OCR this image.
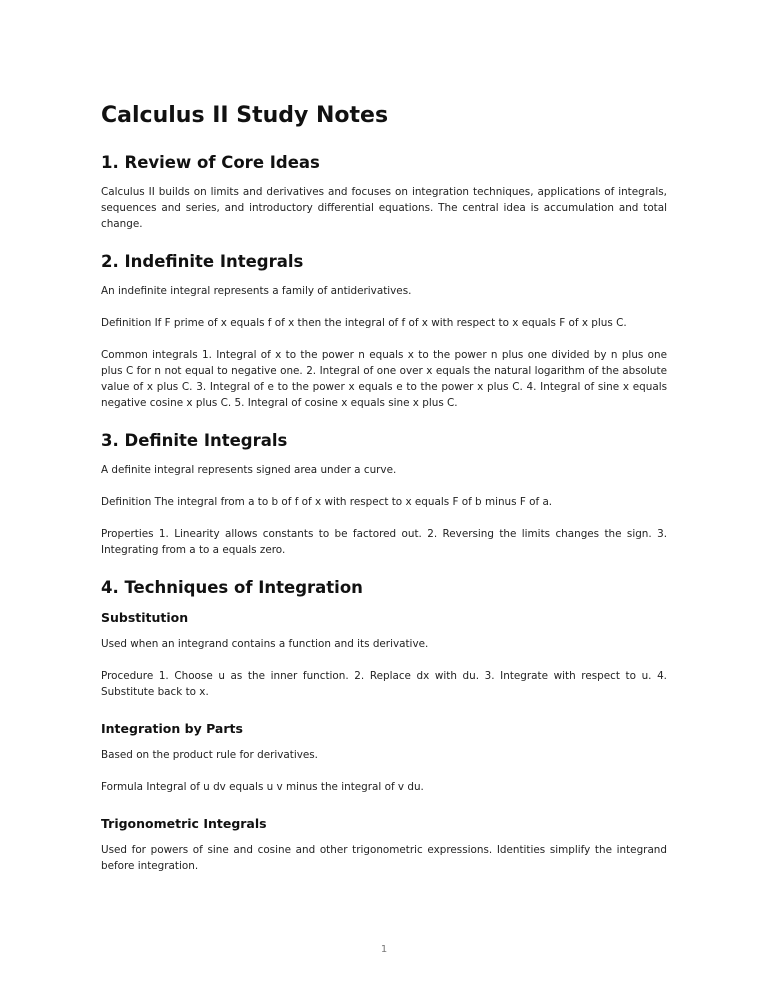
Calculus II Study Notes
1. Review of Core Ideas

Calculus II builds on limits and derivatives and focuses on integration techniques, applications of integrals, sequences and series, and introductory differential equations. The central idea is accumulation and total change.

2. Indefinite Integrals

An indefinite integral represents a family of antiderivatives.

Definition If F prime of x equals f of x then the integral of f of x with respect to x equals F of x plus C.

Common integrals 1. Integral of x to the power n equals x to the power n plus one divided by n plus one plus C for n not equal to negative one. 2. Integral of one over x equals the natural logarithm of the absolute value of x plus C. 3. Integral of e to the power x equals e to the power x plus C. 4. Integral of sine x equals negative cosine x plus C. 5. Integral of cosine x equals sine x plus C.

3. Definite Integrals

A definite integral represents signed area under a curve.

Definition The integral from a to b of f of x with respect to x equals F of b minus F of a.

Properties 1. Linearity allows constants to be factored out. 2. Reversing the limits changes the sign. 3. Integrating from a to a equals zero.

4. Techniques of Integration
Substitution

Used when an integrand contains a function and its derivative.

Procedure 1. Choose u as the inner function. 2. Replace dx with du. 3. Integrate with respect to u. 4. Substitute back to x.

Integration by Parts

Based on the product rule for derivatives.

Formula Integral of u dv equals u v minus the integral of v du.

Trigonometric Integrals

Used for powers of sine and cosine and other trigonometric expressions. Identities simplify the integrand before integration.

1
